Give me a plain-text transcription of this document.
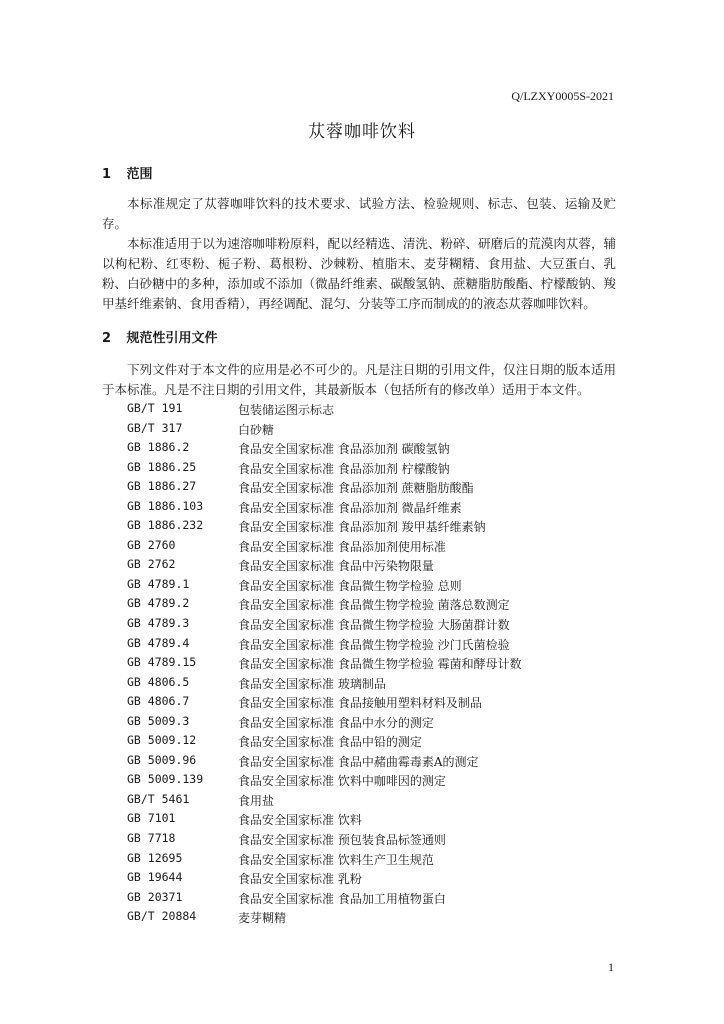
Q/LZXY0005S-2021
苁蓉咖啡饮料
1 范围
本标准规定了苁蓉咖啡饮料的技术要求、试验方法、检验规则、标志、包装、运输及贮存。
本标准适用于以为速溶咖啡粉原料，配以经精选、清洗、粉碎、研磨后的荒漠肉苁蓉，辅以枸杞粉、红枣粉、栀子粉、葛根粉、沙棘粉、植脂末、麦芽糊精、食用盐、大豆蛋白、乳粉、白砂糖中的多种，添加或不添加（微晶纤维素、碳酸氢钠、蔗糖脂肪酸酯、柠檬酸钠、羧甲基纤维素钠、食用香精），再经调配、混匀、分装等工序而制成的的液态苁蓉咖啡饮料。
2 规范性引用文件
下列文件对于本文件的应用是必不可少的。凡是注日期的引用文件，仅注日期的版本适用于本标准。凡是不注日期的引用文件，其最新版本（包括所有的修改单）适用于本文件。
GB/T 191	包装储运图示标志
GB/T 317	白砂糖
GB 1886.2	食品安全国家标准 食品添加剂 碳酸氢钠
GB 1886.25	食品安全国家标准 食品添加剂 柠檬酸钠
GB 1886.27	食品安全国家标准 食品添加剂 蔗糖脂肪酸酯
GB 1886.103	食品安全国家标准 食品添加剂 微晶纤维素
GB 1886.232	食品安全国家标准 食品添加剂 羧甲基纤维素钠
GB 2760	食品安全国家标准 食品添加剂使用标准
GB 2762	食品安全国家标准 食品中污染物限量
GB 4789.1	食品安全国家标准 食品微生物学检验 总则
GB 4789.2	食品安全国家标准 食品微生物学检验 菌落总数测定
GB 4789.3	食品安全国家标准 食品微生物学检验 大肠菌群计数
GB 4789.4	食品安全国家标准 食品微生物学检验 沙门氏菌检验
GB 4789.15	食品安全国家标准 食品微生物学检验 霉菌和酵母计数
GB 4806.5	食品安全国家标准 玻璃制品
GB 4806.7	食品安全国家标准 食品接触用塑料材料及制品
GB 5009.3	食品安全国家标准 食品中水分的测定
GB 5009.12	食品安全国家标准 食品中铅的测定
GB 5009.96	食品安全国家标准 食品中赭曲霉毒素A的测定
GB 5009.139	食品安全国家标准 饮料中咖啡因的测定
GB/T 5461	食用盐
GB 7101	食品安全国家标准 饮料
GB 7718	食品安全国家标准 预包装食品标签通则
GB 12695	食品安全国家标准 饮料生产卫生规范
GB 19644	食品安全国家标准 乳粉
GB 20371	食品安全国家标准 食品加工用植物蛋白
GB/T 20884	麦芽糊精
1
